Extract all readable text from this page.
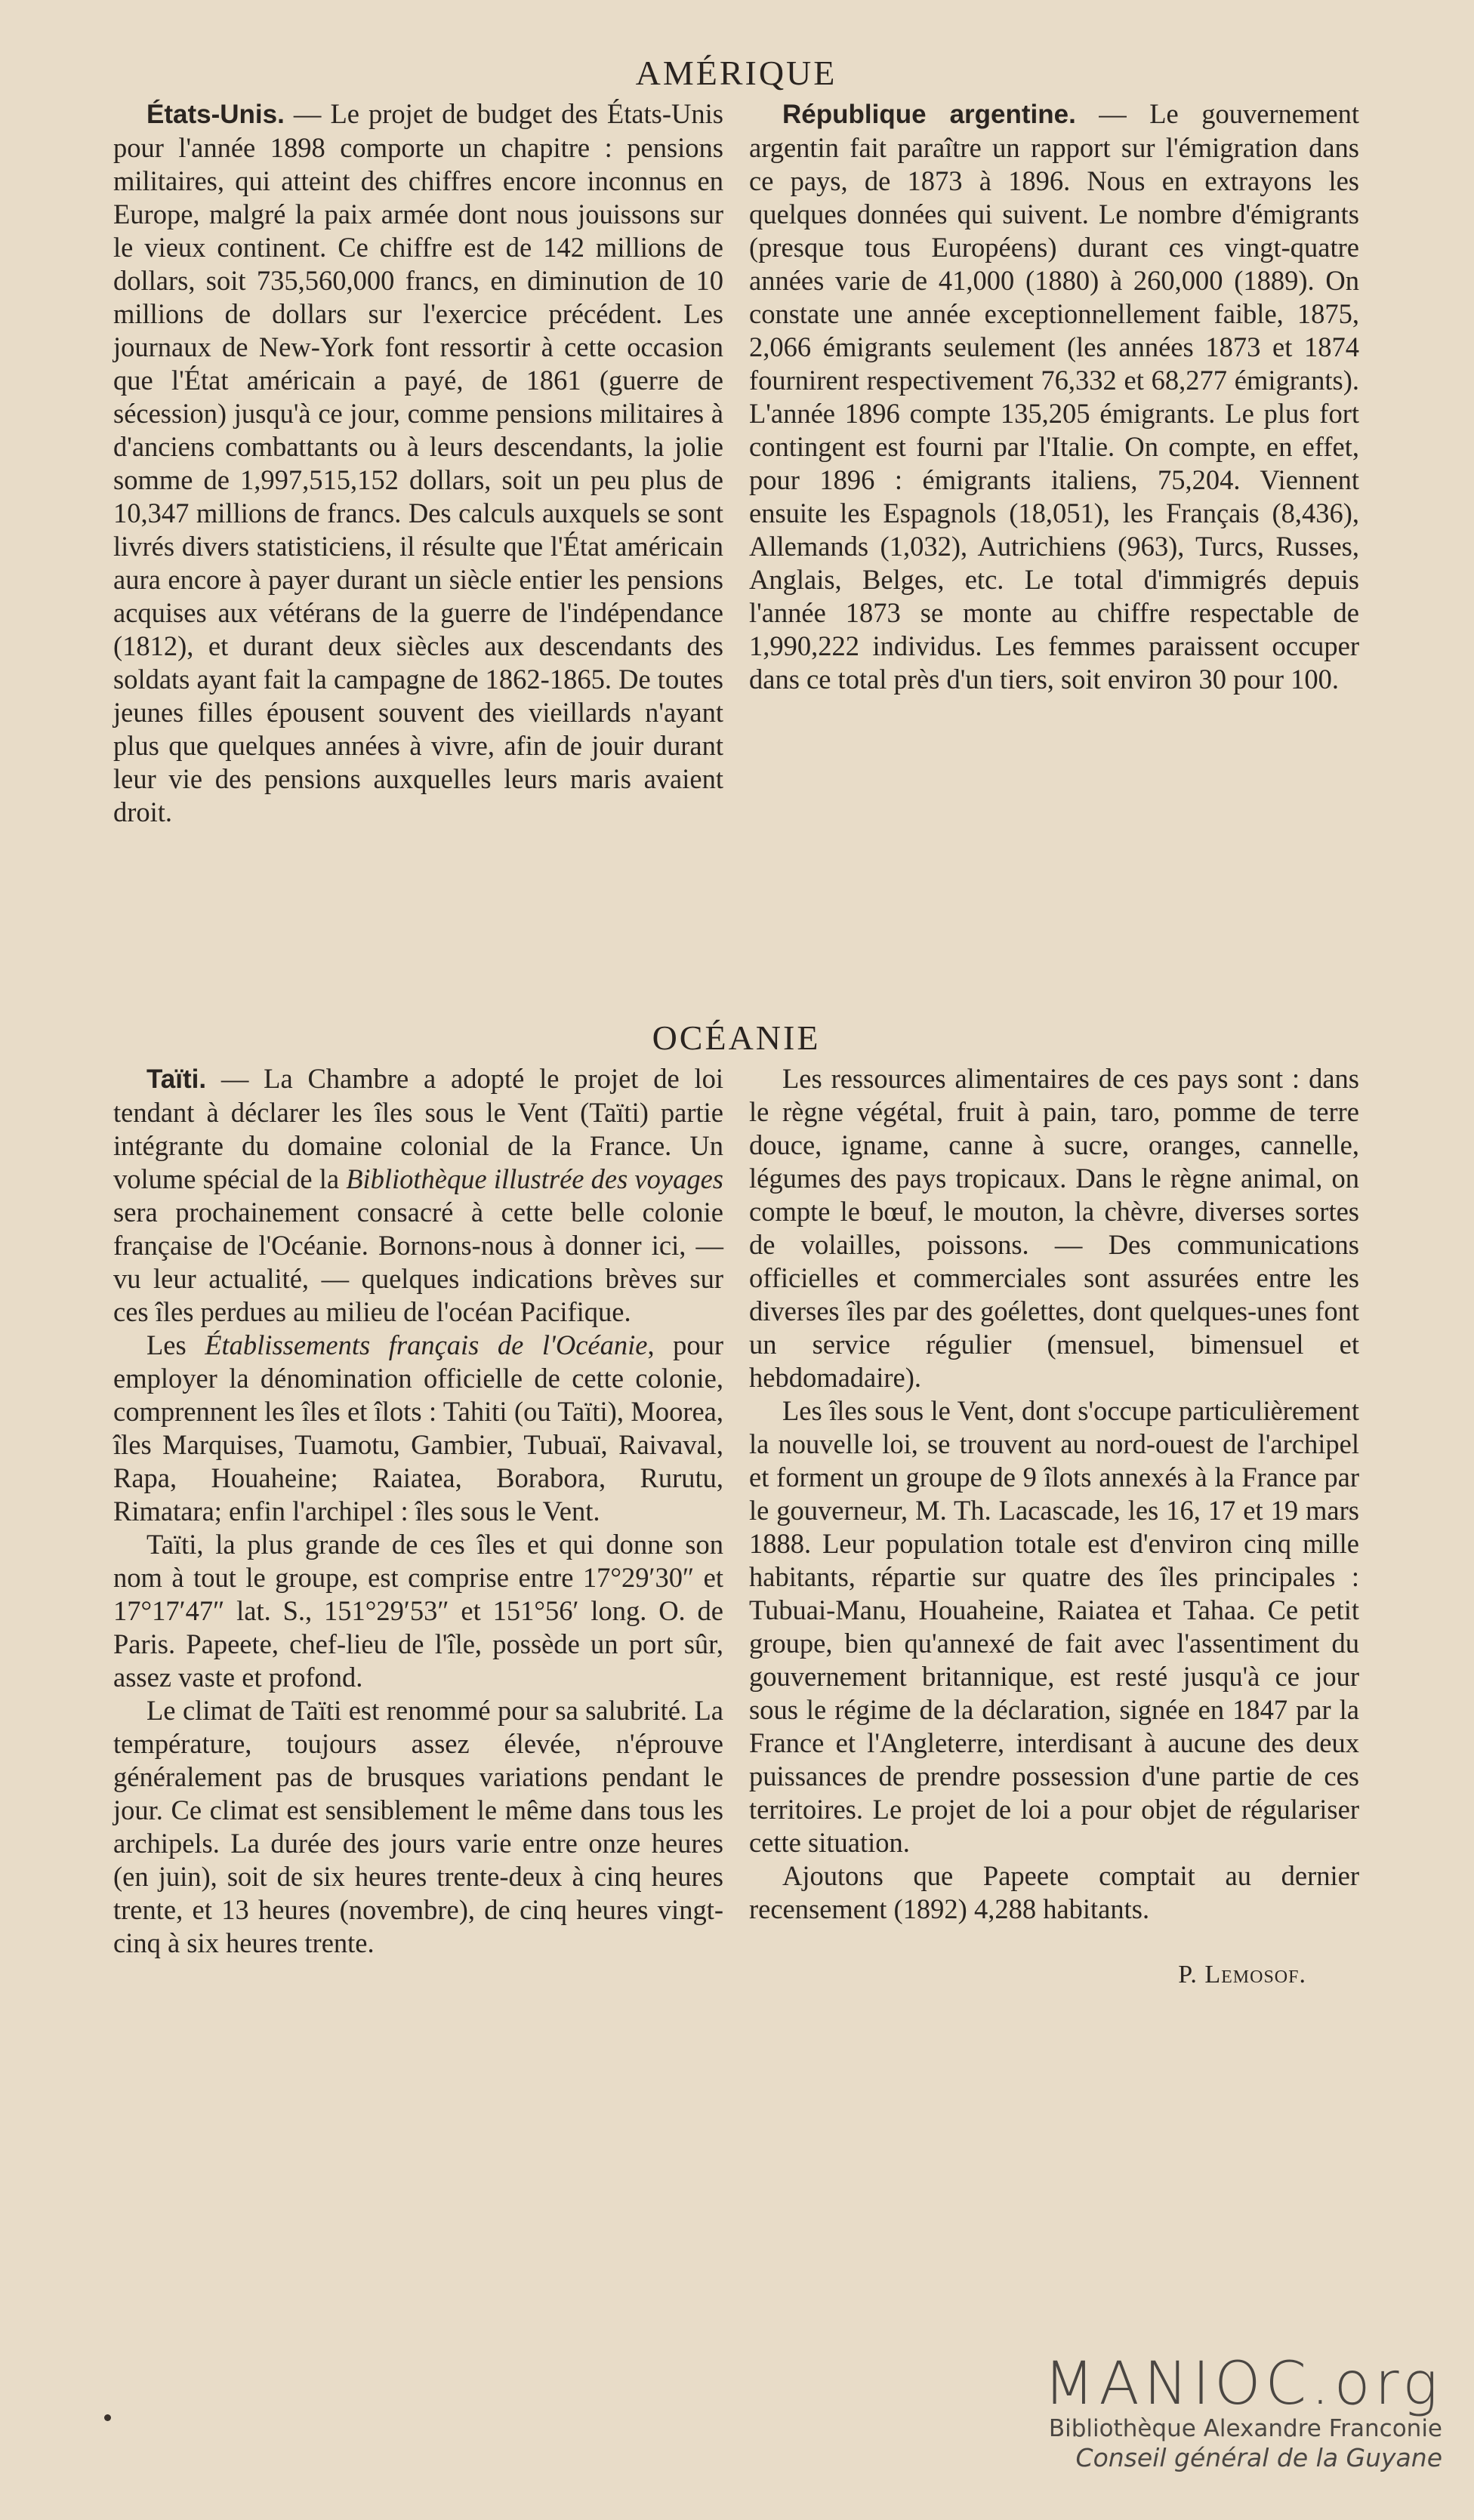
AMÉRIQUE

États-Unis. — Le projet de budget des États-Unis pour l'année 1898 comporte un chapitre : pensions militaires, qui atteint des chiffres encore inconnus en Europe, malgré la paix armée dont nous jouissons sur le vieux continent. Ce chiffre est de 142 millions de dollars, soit 735,560,000 francs, en diminution de 10 millions de dollars sur l'exercice précédent. Les journaux de New-York font ressortir à cette occasion que l'État américain a payé, de 1861 (guerre de sécession) jusqu'à ce jour, comme pensions militaires à d'anciens combattants ou à leurs descendants, la jolie somme de 1,997,515,152 dollars, soit un peu plus de 10,347 millions de francs. Des calculs auxquels se sont livrés divers statisticiens, il résulte que l'État américain aura encore à payer durant un siècle entier les pensions acquises aux vétérans de la guerre de l'indépendance (1812), et durant deux siècles aux descendants des soldats ayant fait la campagne de 1862-1865. De toutes jeunes filles épousent souvent des vieillards n'ayant plus que quelques années à vivre, afin de jouir durant leur vie des pensions auxquelles leurs maris avaient droit.

République argentine. — Le gouvernement argentin fait paraître un rapport sur l'émigration dans ce pays, de 1873 à 1896. Nous en extrayons les quelques données qui suivent. Le nombre d'émigrants (presque tous Européens) durant ces vingt-quatre années varie de 41,000 (1880) à 260,000 (1889). On constate une année exceptionnellement faible, 1875, 2,066 émigrants seulement (les années 1873 et 1874 fournirent respectivement 76,332 et 68,277 émigrants). L'année 1896 compte 135,205 émigrants. Le plus fort contingent est fourni par l'Italie. On compte, en effet, pour 1896 : émigrants italiens, 75,204. Viennent ensuite les Espagnols (18,051), les Français (8,436), Allemands (1,032), Autrichiens (963), Turcs, Russes, Anglais, Belges, etc. Le total d'immigrés depuis l'année 1873 se monte au chiffre respectable de 1,990,222 individus. Les femmes paraissent occuper dans ce total près d'un tiers, soit environ 30 pour 100.

OCÉANIE

Taïti. — La Chambre a adopté le projet de loi tendant à déclarer les îles sous le Vent (Taïti) partie intégrante du domaine colonial de la France. Un volume spécial de la Bibliothèque illustrée des voyages sera prochainement consacré à cette belle colonie française de l'Océanie. Bornons-nous à donner ici, — vu leur actualité, — quelques indications brèves sur ces îles perdues au milieu de l'océan Pacifique.

Les Établissements français de l'Océanie, pour employer la dénomination officielle de cette colonie, comprennent les îles et îlots : Tahiti (ou Taïti), Moorea, îles Marquises, Tuamotu, Gambier, Tubuaï, Raivaval, Rapa, Houaheine; Raiatea, Borabora, Rurutu, Rimatara; enfin l'archipel : îles sous le Vent.

Taïti, la plus grande de ces îles et qui donne son nom à tout le groupe, est comprise entre 17°29′30″ et 17°17′47″ lat. S., 151°29′53″ et 151°56′ long. O. de Paris. Papeete, chef-lieu de l'île, possède un port sûr, assez vaste et profond.

Le climat de Taïti est renommé pour sa salubrité. La température, toujours assez élevée, n'éprouve généralement pas de brusques variations pendant le jour. Ce climat est sensiblement le même dans tous les archipels. La durée des jours varie entre onze heures (en juin), soit de six heures trente-deux à cinq heures trente, et 13 heures (novembre), de cinq heures vingt-cinq à six heures trente.

Les ressources alimentaires de ces pays sont : dans le règne végétal, fruit à pain, taro, pomme de terre douce, igname, canne à sucre, oranges, cannelle, légumes des pays tropicaux. Dans le règne animal, on compte le bœuf, le mouton, la chèvre, diverses sortes de volailles, poissons. — Des communications officielles et commerciales sont assurées entre les diverses îles par des goélettes, dont quelques-unes font un service régulier (mensuel, bimensuel et hebdomadaire).

Les îles sous le Vent, dont s'occupe particulièrement la nouvelle loi, se trouvent au nord-ouest de l'archipel et forment un groupe de 9 îlots annexés à la France par le gouverneur, M. Th. Lacascade, les 16, 17 et 19 mars 1888. Leur population totale est d'environ cinq mille habitants, répartie sur quatre des îles principales : Tubuai-Manu, Houaheine, Raiatea et Tahaa. Ce petit groupe, bien qu'annexé de fait avec l'assentiment du gouvernement britannique, est resté jusqu'à ce jour sous le régime de la déclaration, signée en 1847 par la France et l'Angleterre, interdisant à aucune des deux puissances de prendre possession d'une partie de ces territoires. Le projet de loi a pour objet de régulariser cette situation.

Ajoutons que Papeete comptait au dernier recensement (1892) 4,288 habitants.

P. Lemosof.
MANIOC.org
Bibliothèque Alexandre Franconie
Conseil général de la Guyane
